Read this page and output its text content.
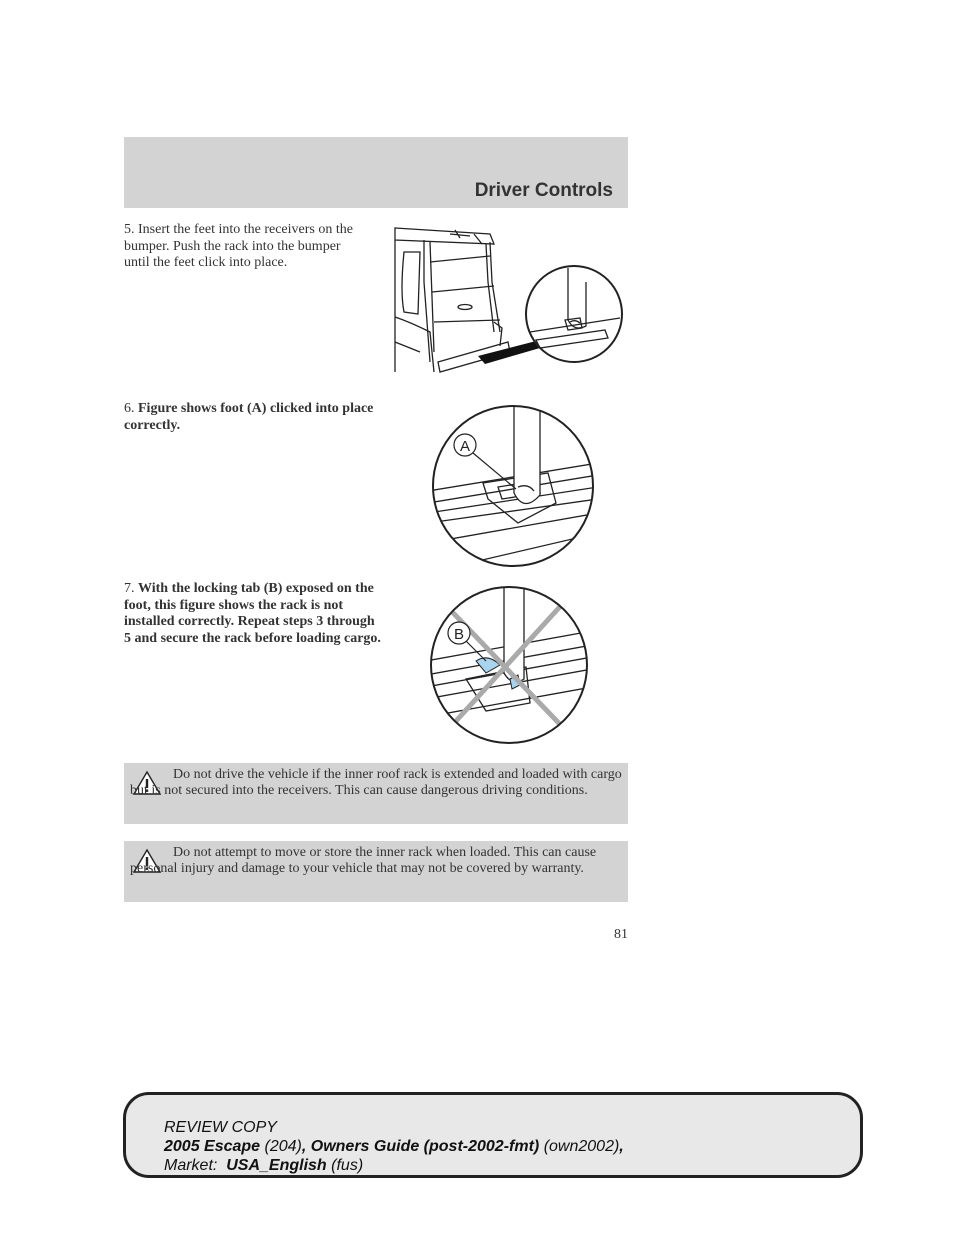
Driver Controls
5. Insert the feet into the receivers on the bumper. Push the rack into the bumper until the feet click into place.
6. Figure shows foot (A) clicked into place correctly.
A
7. With the locking tab (B) exposed on the foot, this figure shows the rack is not installed correctly. Repeat steps 3 through 5 and secure the rack before loading cargo.	B
Do not drive the vehicle if the inner roof rack is extended and loaded with cargo but is not secured into the receivers. This can cause dangerous driving conditions.
Do not attempt to move or store the inner rack when loaded. This can cause personal injury and damage to your vehicle that may not be covered by warranty.
81
REVIEW COPY
2005 Escape (204), Owners Guide (post-2002-fmt) (own2002),
Market:  USA_English (fus)
